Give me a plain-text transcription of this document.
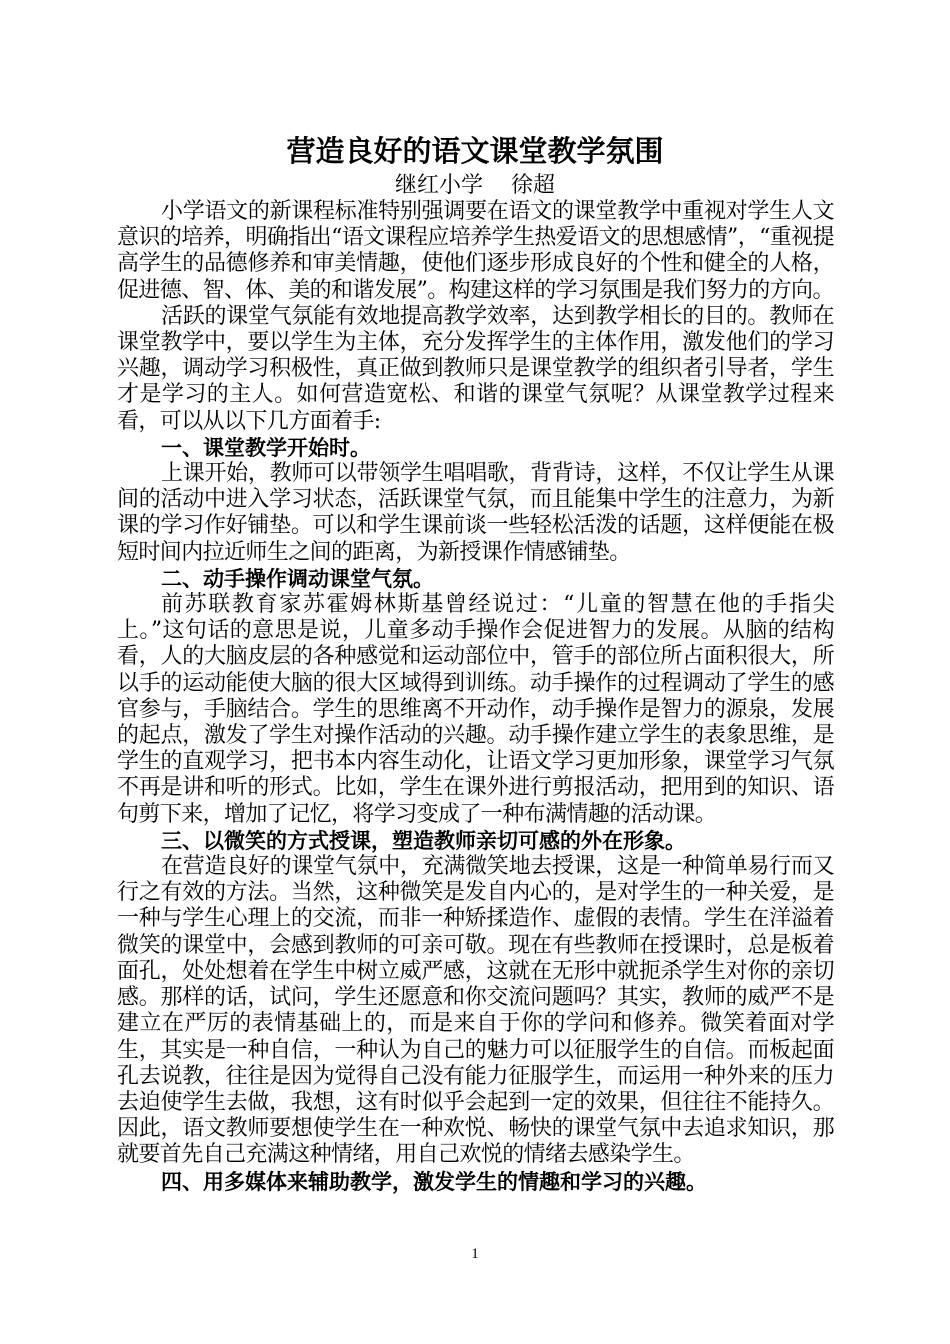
营造良好的语文课堂教学氛围
继红小学    徐超

小学语文的新课程标准特别强调要在语文的课堂教学中重视对学生人文意识的培养，明确指出“语文课程应培养学生热爱语文的思想感情”，“重视提高学生的品德修养和审美情趣，使他们逐步形成良好的个性和健全的人格，促进德、智、体、美的和谐发展”。构建这样的学习氛围是我们努力的方向。

活跃的课堂气氛能有效地提高教学效率，达到教学相长的目的。教师在课堂教学中，要以学生为主体，充分发挥学生的主体作用，激发他们的学习兴趣，调动学习积极性，真正做到教师只是课堂教学的组织者引导者，学生才是学习的主人。如何营造宽松、和谐的课堂气氛呢？从课堂教学过程来看，可以从以下几方面着手:

一、课堂教学开始时。

上课开始，教师可以带领学生唱唱歌，背背诗，这样，不仅让学生从课间的活动中进入学习状态，活跃课堂气氛，而且能集中学生的注意力，为新课的学习作好铺垫。可以和学生课前谈一些轻松活泼的话题，这样便能在极短时间内拉近师生之间的距离，为新授课作情感铺垫。

二、动手操作调动课堂气氛。

前苏联教育家苏霍姆林斯基曾经说过：“儿童的智慧在他的手指尖上。”这句话的意思是说，儿童多动手操作会促进智力的发展。从脑的结构看，人的大脑皮层的各种感觉和运动部位中，管手的部位所占面积很大，所以手的运动能使大脑的很大区域得到训练。动手操作的过程调动了学生的感官参与，手脑结合。学生的思维离不开动作，动手操作是智力的源泉，发展的起点，激发了学生对操作活动的兴趣。动手操作建立学生的表象思维，是学生的直观学习，把书本内容生动化，让语文学习更加形象，课堂学习气氛不再是讲和听的形式。比如，学生在课外进行剪报活动，把用到的知识、语句剪下来，增加了记忆，将学习变成了一种布满情趣的活动课。

三、以微笑的方式授课，塑造教师亲切可感的外在形象。

在营造良好的课堂气氛中，充满微笑地去授课，这是一种简单易行而又行之有效的方法。当然，这种微笑是发自内心的，是对学生的一种关爱，是一种与学生心理上的交流，而非一种矫揉造作、虚假的表情。学生在洋溢着微笑的课堂中，会感到教师的可亲可敬。现在有些教师在授课时，总是板着面孔，处处想着在学生中树立威严感，这就在无形中就扼杀学生对你的亲切感。那样的话，试问，学生还愿意和你交流问题吗？其实，教师的威严不是建立在严厉的表情基础上的，而是来自于你的学问和修养。微笑着面对学生，其实是一种自信，一种认为自己的魅力可以征服学生的自信。而板起面孔去说教，往往是因为觉得自己没有能力征服学生，而运用一种外来的压力去迫使学生去做，我想，这有时似乎会起到一定的效果，但往往不能持久。因此，语文教师要想使学生在一种欢悦、畅快的课堂气氛中去追求知识，那就要首先自己充满这种情绪，用自己欢悦的情绪去感染学生。

四、用多媒体来辅助教学，激发学生的情趣和学习的兴趣。

1
